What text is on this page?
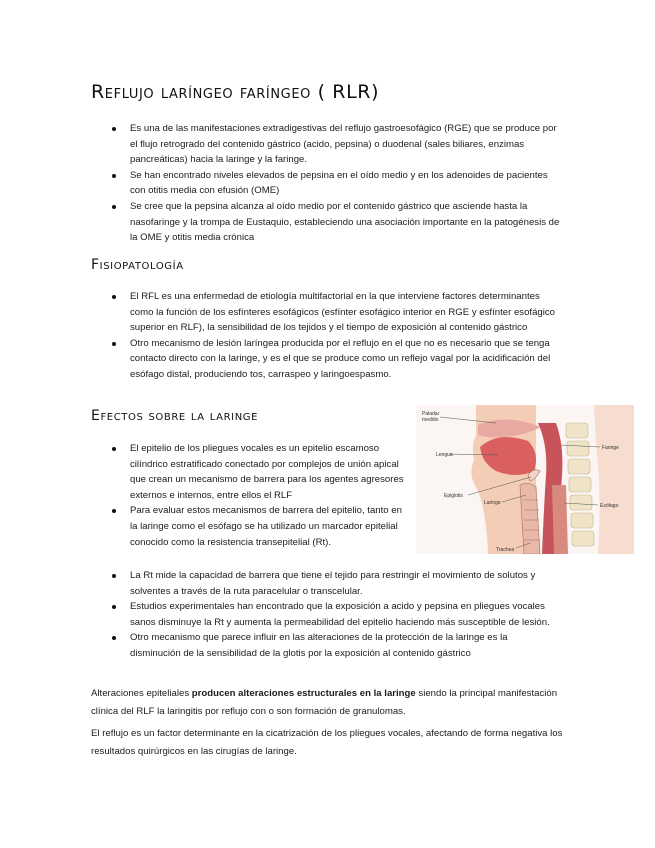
Reflujo laríngeo faríngeo ( RLR)
Es una de las manifestaciones extradigestivas del reflujo gastroesofágico (RGE) que se produce por el flujo retrogrado del contenido gástrico (acido, pepsina) o duodenal (sales biliares, enzimas pancreáticas) hacia la laringe y la faringe.
Se han encontrado niveles elevados de pepsina en el oído medio y en los adenoides de pacientes con otitis media con efusión (OME)
Se cree que la pepsina alcanza al oído medio por el contenido gástrico que asciende hasta la nasofaringe y la trompa de Eustaquio, estableciendo una asociación importante en la patogénesis de la OME y otitis media crónica
Fisiopatología
El RFL es una enfermedad de etiología multifactorial en la que interviene factores determinantes como la función de los esfínteres esofágicos (esfínter esofágico interior en RGE y esfínter esofágico superior en RLF), la sensibilidad de los tejidos y el tiempo de exposición al contenido gástrico
Otro mecanismo de lesión laríngea producida por el reflujo en el que no es necesario que se tenga contacto directo con la laringe, y es el que se produce como un reflejo vagal por la acidificación del esófago distal, produciendo tos, carraspeo y laringoespasmo.
Efectos sobre la laringe
El epitelio de los pliegues vocales es un epitelio escamoso cilíndrico estratificado conectado por complejos de unión apical que crean un mecanismo de barrera para los agentes agresores externos e internos, entre ellos el RLF
Para evaluar estos mecanismos de barrera del epitelio, tanto en la laringe como el esófago se ha utilizado un marcador epitelial conocido como la resistencia transepitelial (Rt).
La Rt mide la capacidad de barrera que tiene el tejido para restringir el movimiento de solutos y solventes a través de la ruta paracelular o transcelular.
Estudios experimentales han encontrado que la exposición a acido y pepsina en pliegues vocales sanos disminuye la Rt y aumenta la permeabilidad del epitelio haciendo más susceptible de lesión.
Otro mecanismo que parece influir en las alteraciones de la protección de la laringe es la disminución de la sensibilidad de la glotis por la exposición al contenido gástrico

Alteraciones epiteliales producen alteraciones estructurales en la laringe siendo la principal manifestación clínica del RLF la laringitis por reflujo con o son formación de granulomas.

El reflujo es un factor determinante en la cicatrización de los pliegues vocales, afectando de forma negativa los resultados quirúrgicos en las cirugías de laringe.

Paladar medido
Lengua
Epiglotis
Laringe
Trachea
Faringe
Esófago
